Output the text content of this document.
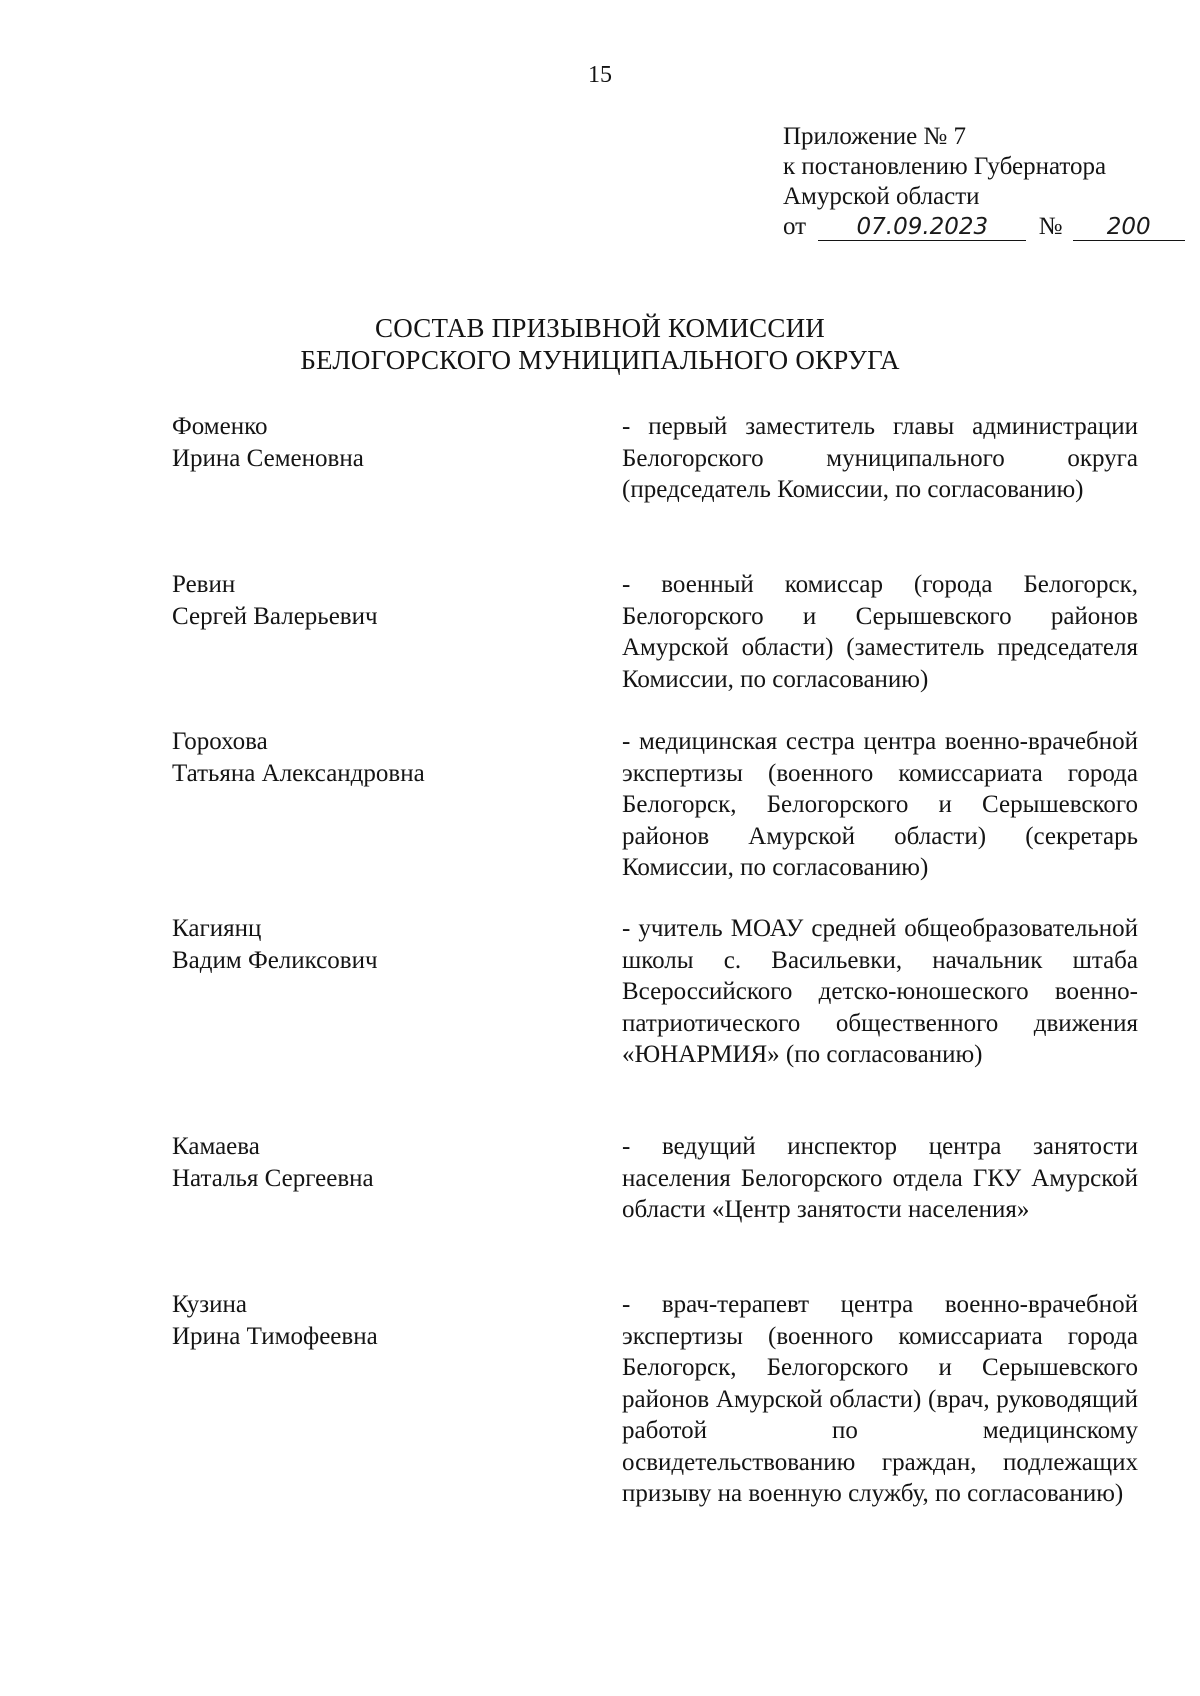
15
Приложение № 7
к постановлению Губернатора
Амурской области
от 07.09.2023 № 200
СОСТАВ ПРИЗЫВНОЙ КОМИССИИ
БЕЛОГОРСКОГО МУНИЦИПАЛЬНОГО ОКРУГА
Фоменко
Ирина Семеновна
- первый заместитель главы администрации Белогорского муниципального округа (председатель Комиссии, по согласованию)
Ревин
Сергей Валерьевич
- военный комиссар (города Белогорск, Белогорского и Серышевского районов Амурской области) (заместитель председателя Комиссии, по согласованию)
Горохова
Татьяна Александровна
- медицинская сестра центра военно-врачебной экспертизы (военного комиссариата города Белогорск, Белогорского и Серышевского районов Амурской области) (секретарь Комиссии, по согласованию)
Кагиянц
Вадим Феликсович
- учитель МОАУ средней общеобразовательной школы с. Васильевки, начальник штаба Всероссийского детско-юношеского военно-патриотического общественного движения «ЮНАРМИЯ» (по согласованию)
Камаева
Наталья Сергеевна
- ведущий инспектор центра занятости населения Белогорского отдела ГКУ Амурской области «Центр занятости населения»
Кузина
Ирина Тимофеевна
- врач-терапевт центра военно-врачебной экспертизы (военного комиссариата города Белогорск, Белогорского и Серышевского районов Амурской области) (врач, руководящий работой по медицинскому освидетельствованию граждан, подлежащих призыву на военную службу, по согласованию)
